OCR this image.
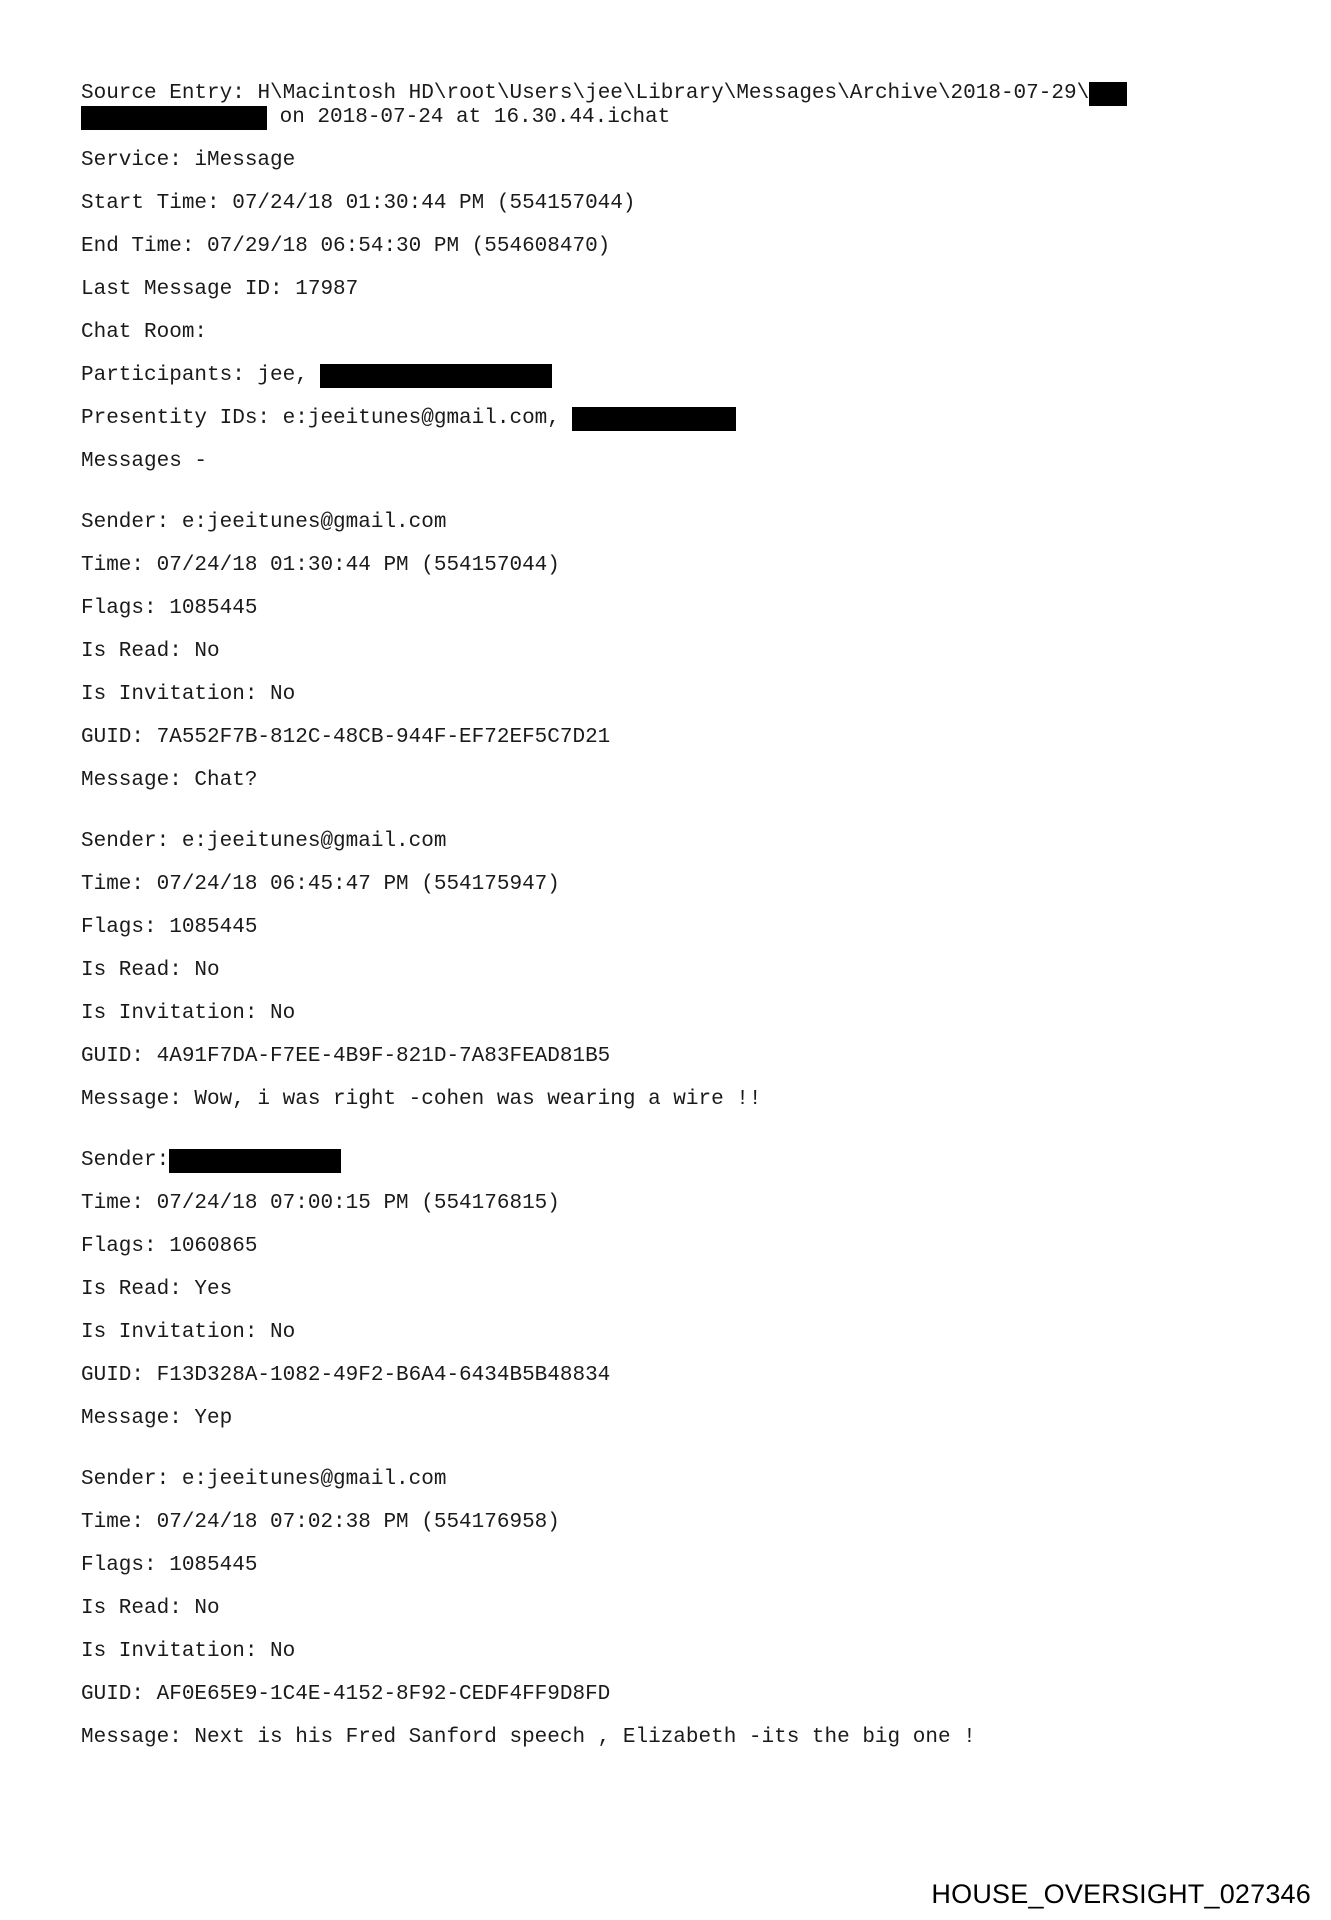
Source Entry: H\Macintosh HD\root\Users\jee\Library\Messages\Archive\2018-07-29\
on 2018-07-24 at 16.30.44.ichat
Service: iMessage
Start Time: 07/24/18 01:30:44 PM (554157044)
End Time: 07/29/18 06:54:30 PM (554608470)
Last Message ID: 17987
Chat Room:
Participants: jee,
Presentity IDs: e:jeeitunes@gmail.com,
Messages -
Sender: e:jeeitunes@gmail.com
Time: 07/24/18 01:30:44 PM (554157044)
Flags: 1085445
Is Read: No
Is Invitation: No
GUID: 7A552F7B-812C-48CB-944F-EF72EF5C7D21
Message: Chat?
Sender: e:jeeitunes@gmail.com
Time: 07/24/18 06:45:47 PM (554175947)
Flags: 1085445
Is Read: No
Is Invitation: No
GUID: 4A91F7DA-F7EE-4B9F-821D-7A83FEAD81B5
Message: Wow, i was right -cohen was wearing a wire !!
Sender:
Time: 07/24/18 07:00:15 PM (554176815)
Flags: 1060865
Is Read: Yes
Is Invitation: No
GUID: F13D328A-1082-49F2-B6A4-6434B5B48834
Message: Yep
Sender: e:jeeitunes@gmail.com
Time: 07/24/18 07:02:38 PM (554176958)
Flags: 1085445
Is Read: No
Is Invitation: No
GUID: AF0E65E9-1C4E-4152-8F92-CEDF4FF9D8FD
Message: Next is his Fred Sanford speech , Elizabeth -its the big one !
HOUSE_OVERSIGHT_027346
